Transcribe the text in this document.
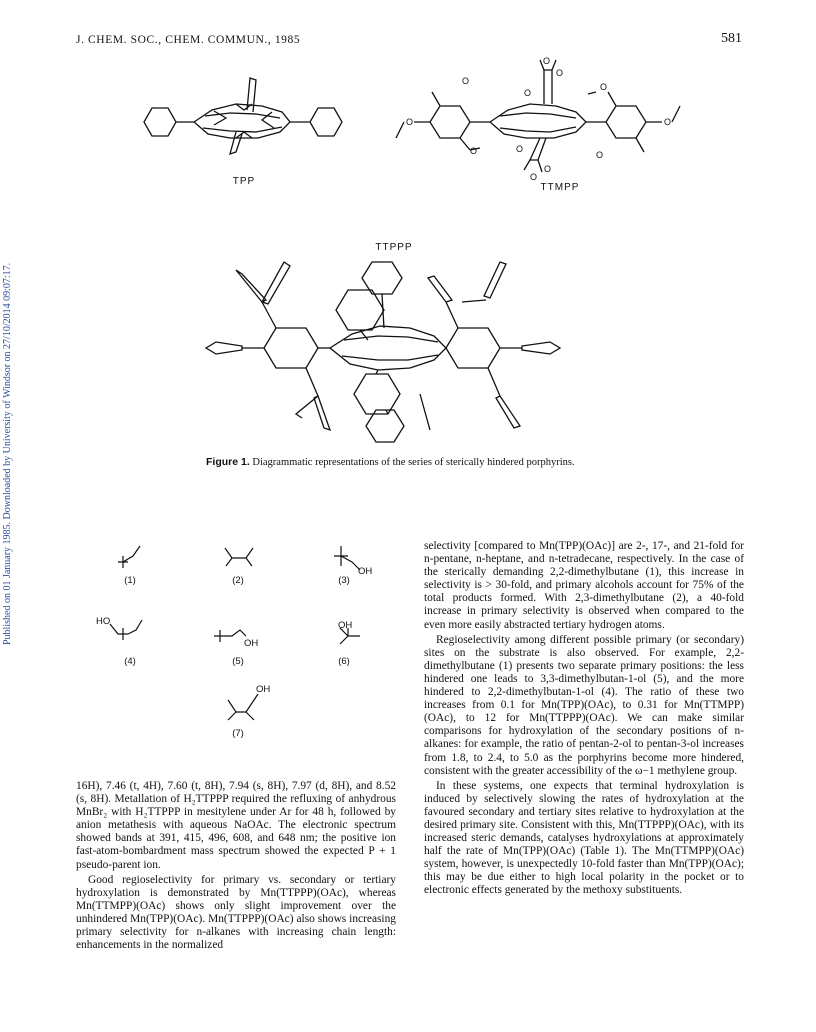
J. CHEM. SOC., CHEM. COMMUN., 1985	581
Published on 01 January 1985. Downloaded by University of Windsor on 27/10/2014 09:07:17.
TPP
O	O
O
O
O	O
O
O
O
O
O
O
TTMPP
TTPPP
Figure 1. Diagrammatic representations of the series of sterically hindered porphyrins.
OH
HO
OH
OH
OH
(1)	(2)	(3)
(4)	(5)	(6)
(7)

selectivity [compared to Mn(TPP)(OAc)] are 2-, 17-, and 21-fold for n-pentane, n-heptane, and n-tetradecane, respectively. In the case of the sterically demanding 2,2-dimethylbutane (1), this increase in selectivity is > 30-fold, and primary alcohols account for 75% of the total products formed. With 2,3-dimethylbutane (2), a 40-fold increase in primary selectivity is observed when compared to the even more easily abstracted tertiary hydrogen atoms.

Regioselectivity among different possible primary (or secondary) sites on the substrate is also observed. For example, 2,2-dimethylbutane (1) presents two separate primary positions: the less hindered one leads to 3,3-dimethylbutan-1-ol (5), and the more hindered to 2,2-dimethylbutan-1-ol (4). The ratio of these two increases from 0.1 for Mn(TPP)(OAc), to 0.31 for Mn(TTMPP)(OAc), to 12 for Mn(TTPPP)(OAc). We can make similar comparisons for hydroxylation of the secondary positions of n-alkanes: for example, the ratio of pentan-2-ol to pentan-3-ol increases from 1.8, to 2.4, to 5.0 as the porphyrins become more hindered, consistent with the greater accessibility of the ω−1 methylene group.

In these systems, one expects that terminal hydroxylation is induced by selectively slowing the rates of hydroxylation at the favoured secondary and tertiary sites relative to hydroxylation at the desired primary site. Consistent with this, Mn(TTPPP)(OAc), with its increased steric demands, catalyses hydroxylations at approximately half the rate of Mn(TPP)(OAc) (Table 1). The Mn(TTMPP)(OAc) system, however, is unexpectedly 10-fold faster than Mn(TPP)(OAc); this may be due either to high local polarity in the pocket or to electronic effects generated by the methoxy substituents.

16H), 7.46 (t, 4H), 7.60 (t, 8H), 7.94 (s, 8H), 7.97 (d, 8H), and 8.52 (s, 8H). Metallation of H₂TTPPP required the refluxing of anhydrous MnBr₂ with H₂TTPPP in mesitylene under Ar for 48 h, followed by anion metathesis with aqueous NaOAc. The electronic spectrum showed bands at 391, 415, 496, 608, and 648 nm; the positive ion fast-atom-bombardment mass spectrum showed the expected P + 1 pseudo-parent ion.

Good regioselectivity for primary vs. secondary or tertiary hydroxylation is demonstrated by Mn(TTPPP)(OAc), whereas Mn(TTMPP)(OAc) shows only slight improvement over the unhindered Mn(TPP)(OAc). Mn(TTPPP)(OAc) also shows increasing primary selectivity for n-alkanes with increasing chain length: enhancements in the normalized
